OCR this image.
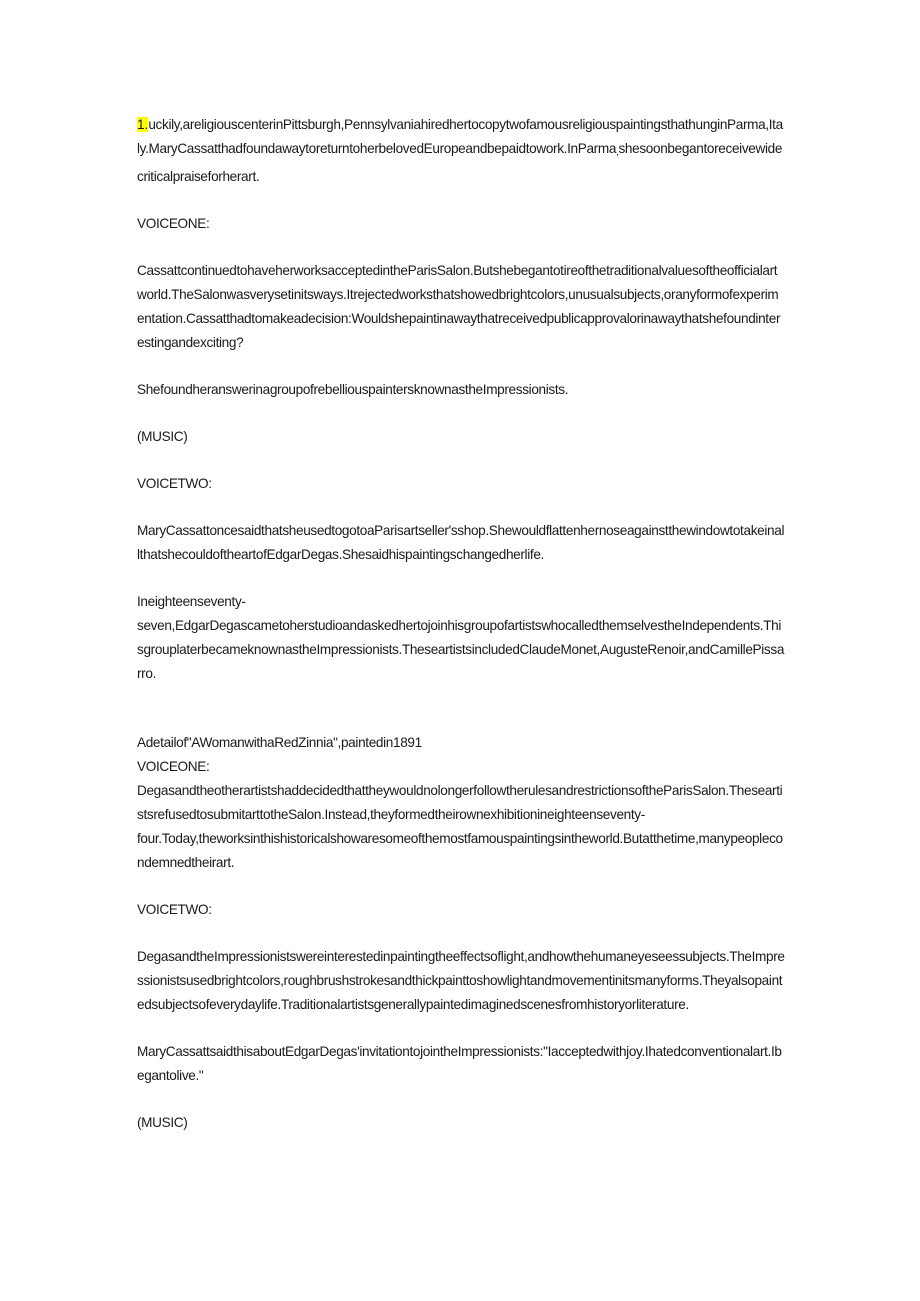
1.uckily,areligiouscenterinPittsburgh,PennsylvaniahiredhertocopytwofamousreligiouspaintingsthathunginParma,Italy.MaryCassatthadfoundawaytoreturntoherbelovedEuropeandbepaidtowork.InParma,shesoonbegantoreceivewidecriticalpraiseforherart.

VOICEONE:

CassattcontinuedtohaveherworksacceptedintheParisSalon.Butshebegantotireofthetraditionalvaluesoftheofficialartworld.TheSalonwasverysetinitsways.Itrejectedworksthatshowedbrightcolors,unusualsubjects,oranyformofexperimentation.Cassatthadtomakeadecision:Wouldshepaintinawaythatreceivedpublicapprovalorinawaythatshefoundinterestingandexciting?

ShefoundheranswerinagroupofrebelliouspaintersknownastheImpressionists.

(MUSIC)

VOICETWO:

MaryCassattoncesaidthatsheusedtogotoaParisartseller'sshop.ShewouldflattenhernoseagainstthewindowtotakeinallthatshecouldoftheartofEdgarDegas.Shesaidhispaintingschangedherlife.

Ineighteenseventy-
seven,EdgarDegascametoherstudioandaskedhertojoinhisgroupofartistswhocalledthemselvestheIndependents.ThisgrouplaterbecameknownastheImpressionists.TheseartistsincludedClaudeMonet,AugusteRenoir,andCamillePissarro.

Adetailof"AWomanwithaRedZinnia",paintedin1891

VOICEONE:

DegasandtheotherartistshaddecidedthattheywouldnolongerfollowtherulesandrestrictionsoftheParisSalon.TheseartistsrefusedtosubmitarttotheSalon.Instead,theyformedtheirownexhibitionineighteenseventy-
four.Today,theworksinthishistoricalshowaresomeofthemostfamouspaintingsintheworld.Butatthetime,manypeoplecondemnedtheirart.

VOICETWO:

DegasandtheImpressionistswereinterestedinpaintingtheeffectsoflight,andhowthehumaneyeseessubjects.TheImpressionistsusedbrightcolors,roughbrushstrokesandthickpainttoshowlightandmovementinitsmanyforms.Theyalsopaintedsubjectsofeverydaylife.Traditionalartistsgenerallypaintedimaginedscenesfromhistoryorliterature.

MaryCassattsaidthisaboutEdgarDegas'invitationtojointheImpressionists:"Iacceptedwithjoy.Ihatedconventionalart.Ibegantolive."

(MUSIC)
